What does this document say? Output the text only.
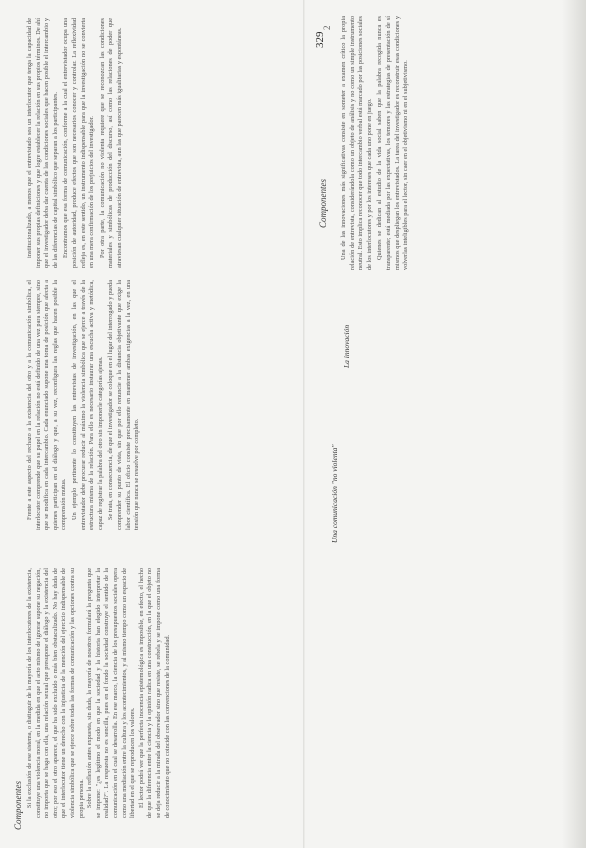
Componentes
Componentes
329
2

Si la exclusión de ese sistema, o distinguir de la mayoría de los interlocutores de la existencia, constituye una violencia moral, en la medida en que el acto mismo de ignorar supone su negación, no importa que se haga con ella, una relación sexual que presupone el diálogo y la existencia del otro; por eso el otro aparece, el que ha sido excluido o más bien obstaculizado. No hay duda de que el interlocutor tiene un derecho con la injusticia de la mención del ejercicio indispensable de violencia simbólica que se ejerce sobre todas las formas de comunicación y las opciones contra su propia persona. Sobre la reflexión antes expuesta, sin duda, la mayoría de nosotros formulará la pregunta que se impone: "¿es legítimo el modo en que la sociedad y la historia han elegido interpretar la realidad?". La respuesta no es sencilla, pues en el fondo la sociedad construye el sentido de la comunicación en el cual se desarrolla. En ese marco, la ciencia de los presupuestos sociales opera como una mediación entre la cultura y los acontecimientos, y al mismo tiempo como un espacio de libertad en el que se reproducen los valores. El lector podrá ver que la perfecta inocencia epistemológica es imposible, en efecto, el hecho de que la diferencia entre la ciencia y la opinión radica en una construcción, en la que el objeto no se deja reducir a la mirada del observador sino que resiste, se rebela y se impone como una forma de conocimiento que no coincide con las convenciones de la comunidad.

Una comunicación "no violenta"

Frente a este aspecto del rechazo a la existencia del otro y a la comunicación simbólica, el interlocutor comprende que su papel en la relación no está definido de una vez para siempre, sino que se modifica en cada intercambio. Cada enunciado supone una toma de posición que afecta a quienes participan en el diálogo y que, a su vez, reconfigura las reglas que hacen posible la comprensión mutua. Un ejemplo pertinente lo constituyen las entrevistas de investigación, en las que el entrevistador debe procurar reducir al máximo la violencia simbólica que se ejerce a través de la estructura misma de la relación. Para ello es necesario instaurar una escucha activa y metódica, capaz de registrar la palabra del otro sin imponerle categorías ajenas. Se trata, en consecuencia, de que el investigador se coloque en el lugar del interrogado y pueda comprender su punto de vista, sin que por ello renuncie a la distancia objetivante que exige la labor científica. El oficio consiste precisamente en mantener ambas exigencias a la vez, en una tensión que nunca se resuelve por completo.

institucionalizado, a menos que el entrevistado sea un interlocutor que tenga la capacidad de imponer sus propias definiciones y que logre establecer la relación en sus propios términos. De ahí que el investigador deba dar cuenta de las condiciones sociales que hacen posible el intercambio y de las diferencias de capital simbólico que separan a los participantes. Encontramos que esa forma de comunicación, conforme a la cual el entrevistador ocupa una posición de autoridad, produce efectos que son necesarios conocer y controlar. La reflexividad refleja es, en este sentido, un instrumento indispensable para que la investigación no se convierta en una mera confirmación de los prejuicios del investigador. Por otra parte, la comunicación no violenta requiere que se reconozcan las condiciones materiales y simbólicas de producción del discurso, así como las relaciones de poder que atraviesan cualquier situación de entrevista, aun las que parecen más igualitarias y espontáneas.

La innovación

Una de las innovaciones más significativas consiste en someter a examen crítico la propia relación de entrevista, considerándola como un objeto de análisis y no como un simple instrumento neutral. Esto implica reconocer que todo intercambio verbal está marcado por las posiciones sociales de los interlocutores y por los intereses que cada uno pone en juego. Quienes se dedican al estudio de la vida social saben que la palabra recogida nunca es transparente; está mediada por las expectativas, los temores y las estrategias de presentación de sí mismos que despliegan los entrevistados. La tarea del investigador es reconstruir esas condiciones y volverlas inteligibles para el lector, sin caer en el objetivismo ni en el subjetivismo.
